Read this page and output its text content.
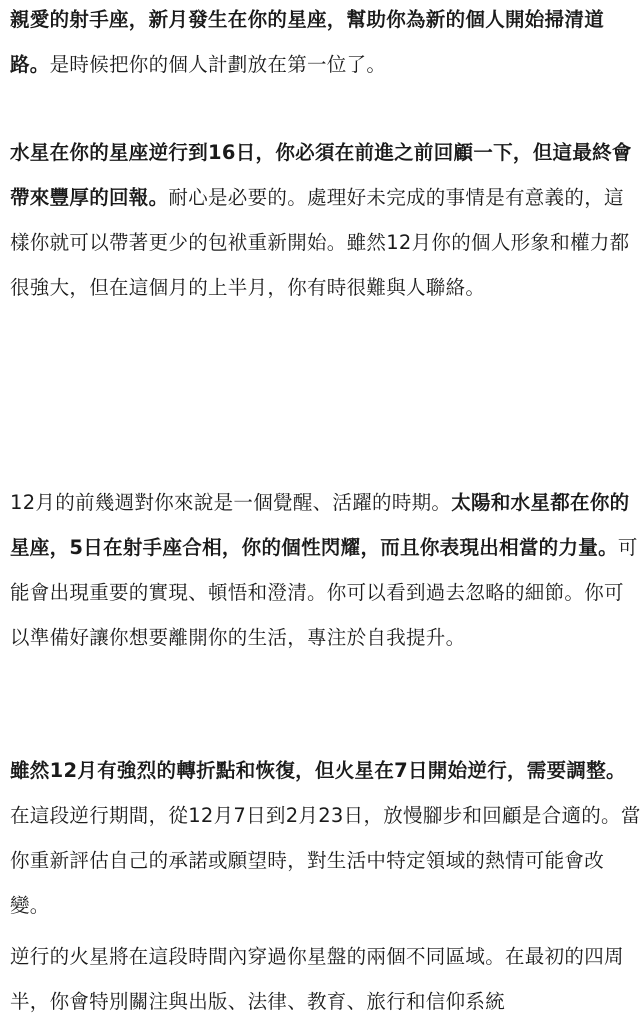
親愛的射手座，新月發生在你的星座，幫助你為新的個人開始掃清道路。是時候把你的個人計劃放在第一位了。

水星在你的星座逆行到16日，你必須在前進之前回顧一下，但這最終會帶來豐厚的回報。耐心是必要的。處理好未完成的事情是有意義的，這樣你就可以帶著更少的包袱重新開始。雖然12月你的個人形象和權力都很強大，但在這個月的上半月，你有時很難與人聯絡。

12月的前幾週對你來說是一個覺醒、活躍的時期。太陽和水星都在你的星座，5日在射手座合相，你的個性閃耀，而且你表現出相當的力量。可能會出現重要的實現、頓悟和澄清。你可以看到過去忽略的細節。你可以準備好讓你想要離開你的生活，專注於自我提升。

雖然12月有強烈的轉折點和恢復，但火星在7日開始逆行，需要調整。在這段逆行期間，從12月7日到2月23日，放慢腳步和回顧是合適的。當你重新評估自己的承諾或願望時，對生活中特定領域的熱情可能會改變。

逆行的火星將在這段時間內穿過你星盤的兩個不同區域。在最初的四周半，你會特別關注與出版、法律、教育、旅行和信仰系統
